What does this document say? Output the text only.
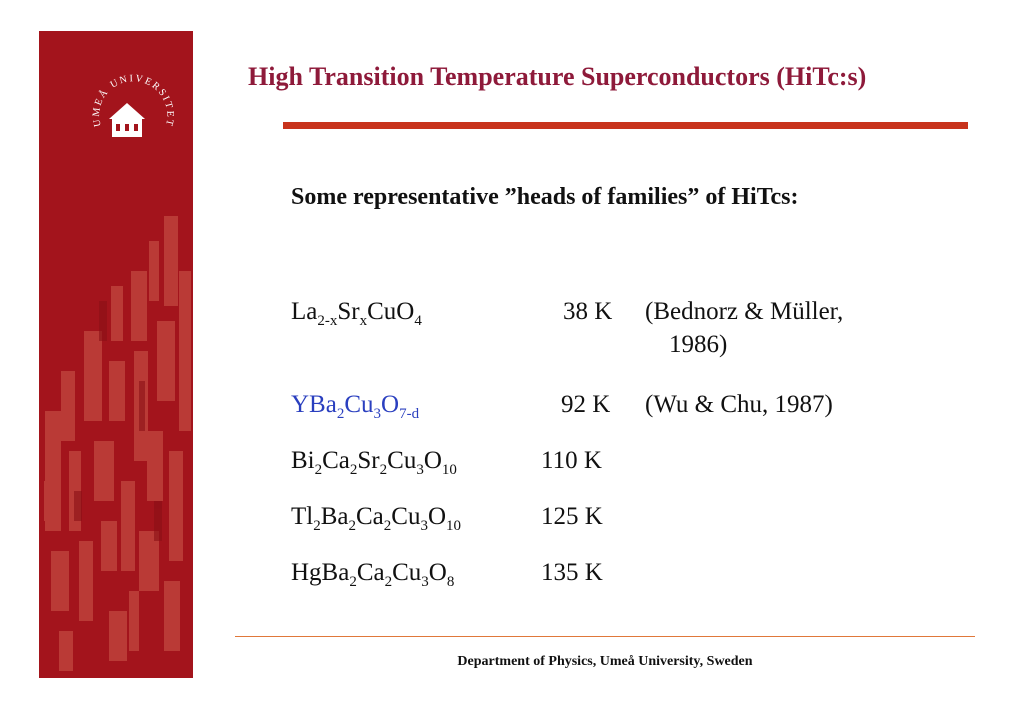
UMEÅ UNIVERSITET
High Transition Temperature Superconductors (HiTc:s)
Some representative ”heads of families” of HiTcs:
$La_{2-x}Sr_xCuO_4$	38 K (Bednorz & Müller,
1986)
$YBa_2Cu_3O_{7-d}$	92 K (Wu & Chu, 1987)
$Bi_2Ca_2Sr_2Cu_3O_{10}$	110 K
$Tl_2Ba_2Ca_2Cu_3O_{10}$	125 K
$HgBa_2Ca_2Cu_3O_8$	135 K
Department of Physics, Umeå University, Sweden
